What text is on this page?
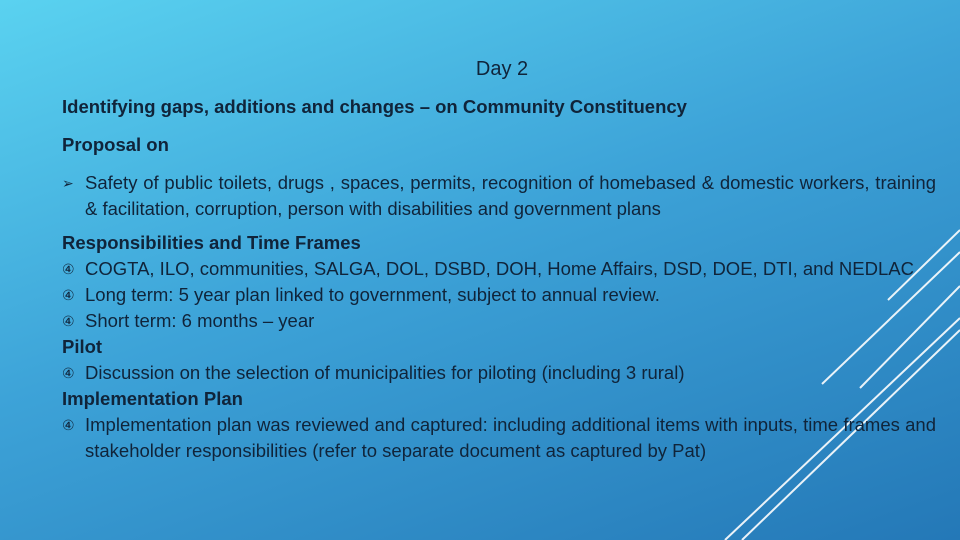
Day 2
Identifying gaps, additions and changes – on Community Constituency
Proposal on
➢ Safety of public toilets, drugs , spaces, permits, recognition of homebased & domestic workers, training & facilitation, corruption, person with disabilities and government plans
Responsibilities and Time Frames
④ COGTA, ILO, communities, SALGA, DOL, DSBD, DOH, Home Affairs, DSD, DOE, DTI, and NEDLAC
④ Long term: 5 year plan linked to government, subject to annual review.
④ Short term: 6 months – year
Pilot
④ Discussion on the selection of municipalities for piloting (including 3 rural)
Implementation Plan
④ Implementation plan was reviewed and captured: including additional items with inputs, time frames and stakeholder responsibilities (refer to separate document as captured by Pat)
